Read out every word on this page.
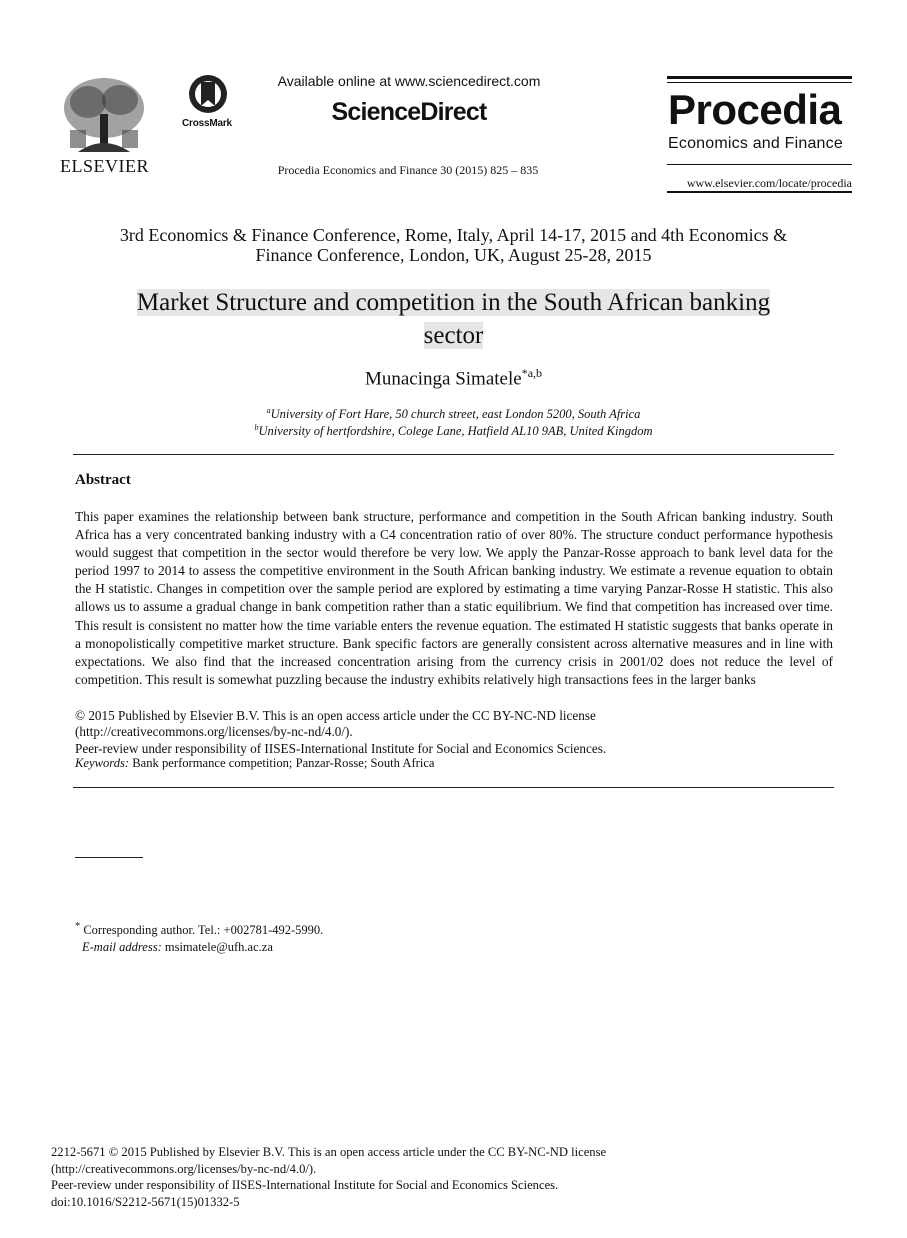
ELSEVIER
CrossMark
Available online at www.sciencedirect.com
ScienceDirect
Procedia Economics and Finance 30 (2015) 825 – 835
Procedia
Economics and Finance
www.elsevier.com/locate/procedia
3rd Economics & Finance Conference, Rome, Italy, April 14-17, 2015 and 4th Economics &
Finance Conference, London, UK, August 25-28, 2015
Market Structure and competition in the South African banking
sector
Munacinga Simatele$^{*a,b}$
$^a$University of Fort Hare, 50 church street, east London 5200, South Africa
$^b$University of hertfordshire, Colege Lane, Hatfield AL10 9AB, United Kingdom
Abstract
This paper examines the relationship between bank structure, performance and competition in the South African banking industry. South Africa has a very concentrated banking industry with a C4 concentration ratio of over 80%. The structure conduct performance hypothesis would suggest that competition in the sector would therefore be very low. We apply the Panzar-Rosse approach to bank level data for the period 1997 to 2014 to assess the competitive environment in the South African banking industry. We estimate a revenue equation to obtain the H statistic. Changes in competition over the sample period are explored by estimating a time varying Panzar-Rosse H statistic. This also allows us to assume a gradual change in bank competition rather than a static equilibrium. We find that competition has increased over time. This result is consistent no matter how the time variable enters the revenue equation. The estimated H statistic suggests that banks operate in a monopolistically competitive market structure. Bank specific factors are generally consistent across alternative measures and in line with expectations. We also find that the increased concentration arising from the currency crisis in 2001/02 does not reduce the level of competition. This result is somewhat puzzling because the industry exhibits relatively high transactions fees in the larger banks
© 2015 Published by Elsevier B.V. This is an open access article under the CC BY-NC-ND license
(http://creativecommons.org/licenses/by-nc-nd/4.0/).
Peer-review under responsibility of IISES-International Institute for Social and Economics Sciences.
Keywords: Bank performance competition; Panzar-Rosse; South Africa
* Corresponding author. Tel.: +002781-492-5990.
E-mail address: msimatele@ufh.ac.za
2212-5671 © 2015 Published by Elsevier B.V. This is an open access article under the CC BY-NC-ND license
(http://creativecommons.org/licenses/by-nc-nd/4.0/).
Peer-review under responsibility of IISES-International Institute for Social and Economics Sciences.
doi:10.1016/S2212-5671(15)01332-5
